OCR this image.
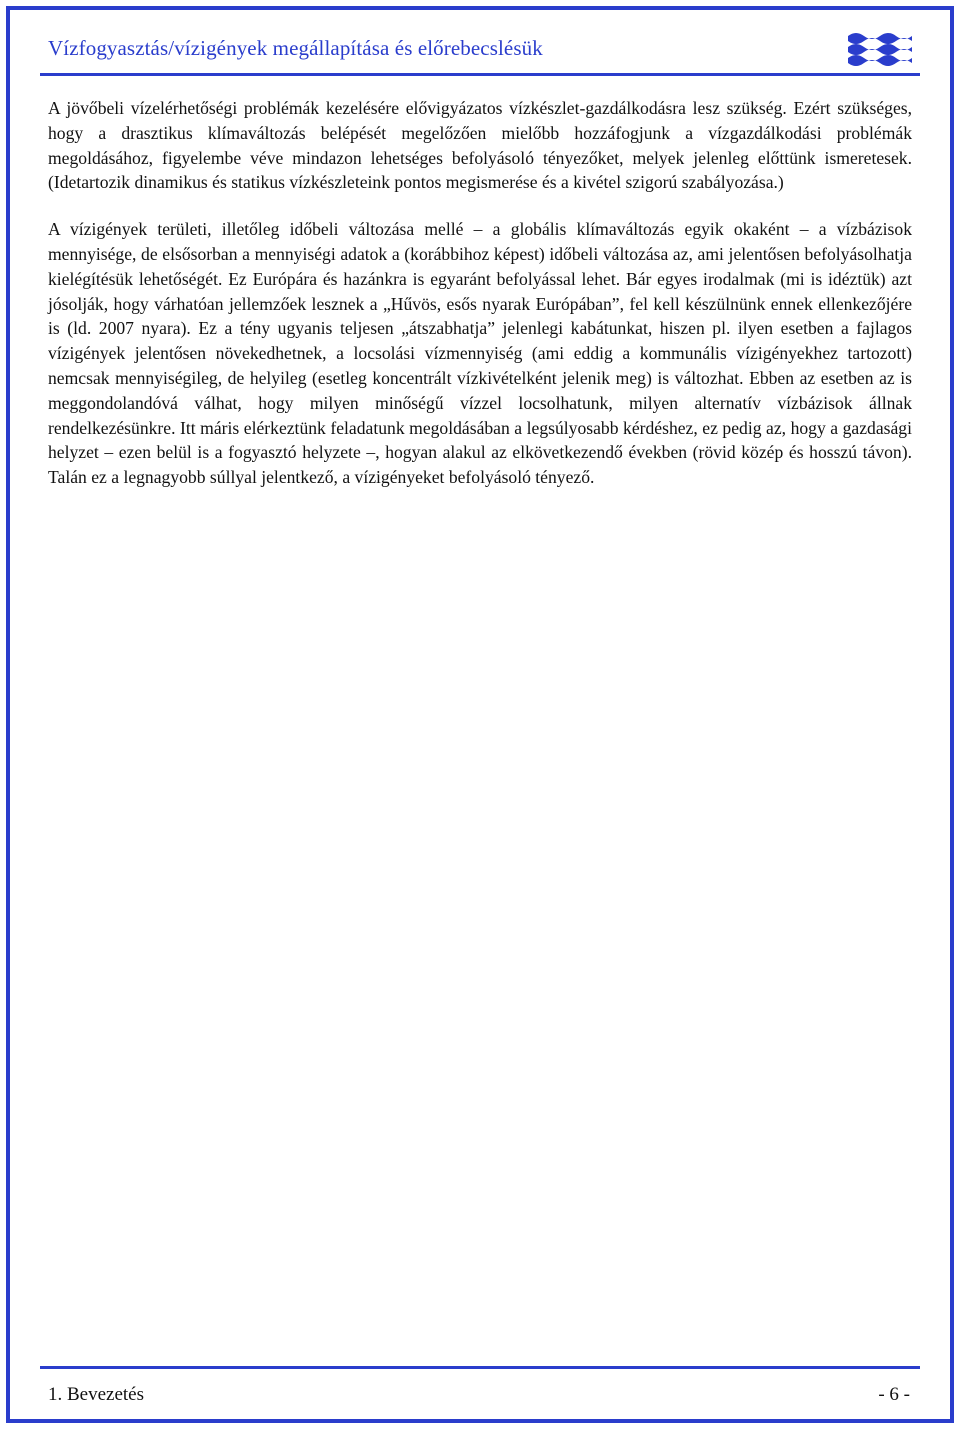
Vízfogyasztás/vízigények megállapítása és előrebecslésük

A jövőbeli vízelérhetőségi problémák kezelésére elővigyázatos vízkészlet-gazdálkodásra lesz szükség. Ezért szükséges, hogy a drasztikus klímaváltozás belépését megelőzően mielőbb hozzáfogjunk a vízgazdálkodási problémák megoldásához, figyelembe véve mindazon lehetséges befolyásoló tényezőket, melyek jelenleg előttünk ismeretesek. (Idetartozik dinamikus és statikus vízkészleteink pontos megismerése és a kivétel szigorú szabályozása.)

A vízigények területi, illetőleg időbeli változása mellé – a globális klímaváltozás egyik okaként – a vízbázisok mennyisége, de elsősorban a mennyiségi adatok a (korábbihoz képest) időbeli változása az, ami jelentősen befolyásolhatja kielégítésük lehetőségét. Ez Európára és hazánkra is egyaránt befolyással lehet. Bár egyes irodalmak (mi is idéztük) azt jósolják, hogy várhatóan jellemzőek lesznek a „Hűvös, esős nyarak Európában”, fel kell készülnünk ennek ellenkezőjére is (ld. 2007 nyara). Ez a tény ugyanis teljesen „átszabhatja” jelenlegi kabátunkat, hiszen pl. ilyen esetben a fajlagos vízigények jelentősen növekedhetnek, a locsolási vízmennyiség (ami eddig a kommunális vízigényekhez tartozott) nemcsak mennyiségileg, de helyileg (esetleg koncentrált vízkivételként jelenik meg) is változhat. Ebben az esetben az is meggondolandóvá válhat, hogy milyen minőségű vízzel locsolhatunk, milyen alternatív vízbázisok állnak rendelkezésünkre. Itt máris elérkeztünk feladatunk megoldásában a legsúlyosabb kérdéshez, ez pedig az, hogy a gazdasági helyzet – ezen belül is a fogyasztó helyzete –, hogyan alakul az elkövetkezendő években (rövid közép és hosszú távon). Talán ez a legnagyobb súllyal jelentkező, a vízigényeket befolyásoló tényező.

1. Bevezetés	- 6 -
